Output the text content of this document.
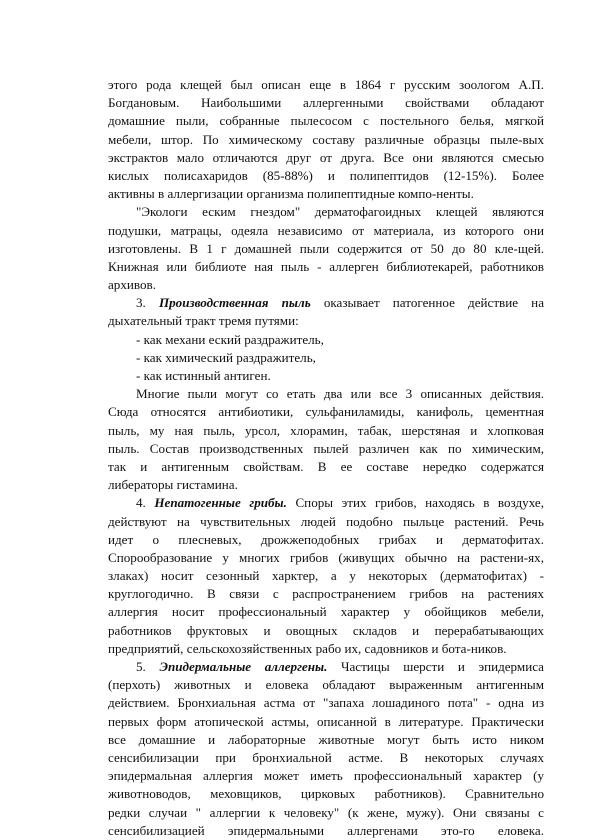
этого рода клещей был описан еще в 1864 г русским зоологом А.П.
Богдановым. Наибольшими аллергенными свойствами обладают
домашние пыли, собранные пылесосом с постельного белья, мягкой
мебели, штор. По химическому составу различные образцы пыле-вых
экстрактов мало отличаются друг от друга. Все они являются смесью
кислых полисахаридов (85-88%) и полипептидов (12-15%). Более
активны в аллергизации организма полипептидные компо-ненты.
"Экологи еским гнездом" дерматофагоидных клещей являются
подушки, матрацы, одеяла независимо от материала, из которого они
изготовлены. В 1 г домашней пыли содержится от 50 до 80 кле-щей.
Книжная или библиоте ная пыль - аллерген библиотекарей, работников
архивов.
3. Производственная пыль оказывает патогенное действие на
дыхательный тракт тремя путями:
- как механи еский раздражитель,
- как химический раздражитель,
- как истинный антиген.
Многие пыли могут со етать два или все 3 описанных действия.
Сюда относятся антибиотики, сульфаниламиды, канифоль, цементная
пыль, му ная пыль, урсол, хлорамин, табак, шерстяная и хлопковая
пыль. Состав производственных пылей различен как по химическим,
так и антигенным свойствам. В ее составе нередко содержатся
либераторы гистамина.
4. Непатогенные грибы. Споры этих грибов, находясь в воздухе,
действуют на чувствительных людей подобно пыльце растений. Речь
идет о плесневых, дрожжеподобных грибах и дерматофитах.
Спорообразование у многих грибов (живущих обычно на растени-ях,
злаках) носит сезонный харктер, а у некоторых (дерматофитах) -
круглогодично. В связи с распространением грибов на растениях
аллергия носит профессиональный характер у обойщиков мебели,
работников фруктовых и овощных складов и перерабатывающих
предприятий, сельскохозяйственных рабо их, садовников и бота-ников.
5. Эпидермальные аллергены. Частицы шерсти и эпидермиса
(перхоть) животных и еловека обладают выраженным антигенным
действием. Бронхиальная астма от "запаха лошадиного пота" - одна из
первых форм атопической астмы, описанной в литературе. Практически
все домашние и лабораторные животные могут быть исто ником
сенсибилизации при бронхиальной астме. В некоторых случаях
эпидермальная аллергия может иметь профессиональный характер (у
животноводов, меховщиков, цирковых работников). Сравнительно
редки случаи " аллергии к человеку" (к жене, мужу). Они связаны с
сенсибилизацией эпидермальными аллергенами это-го еловека.
